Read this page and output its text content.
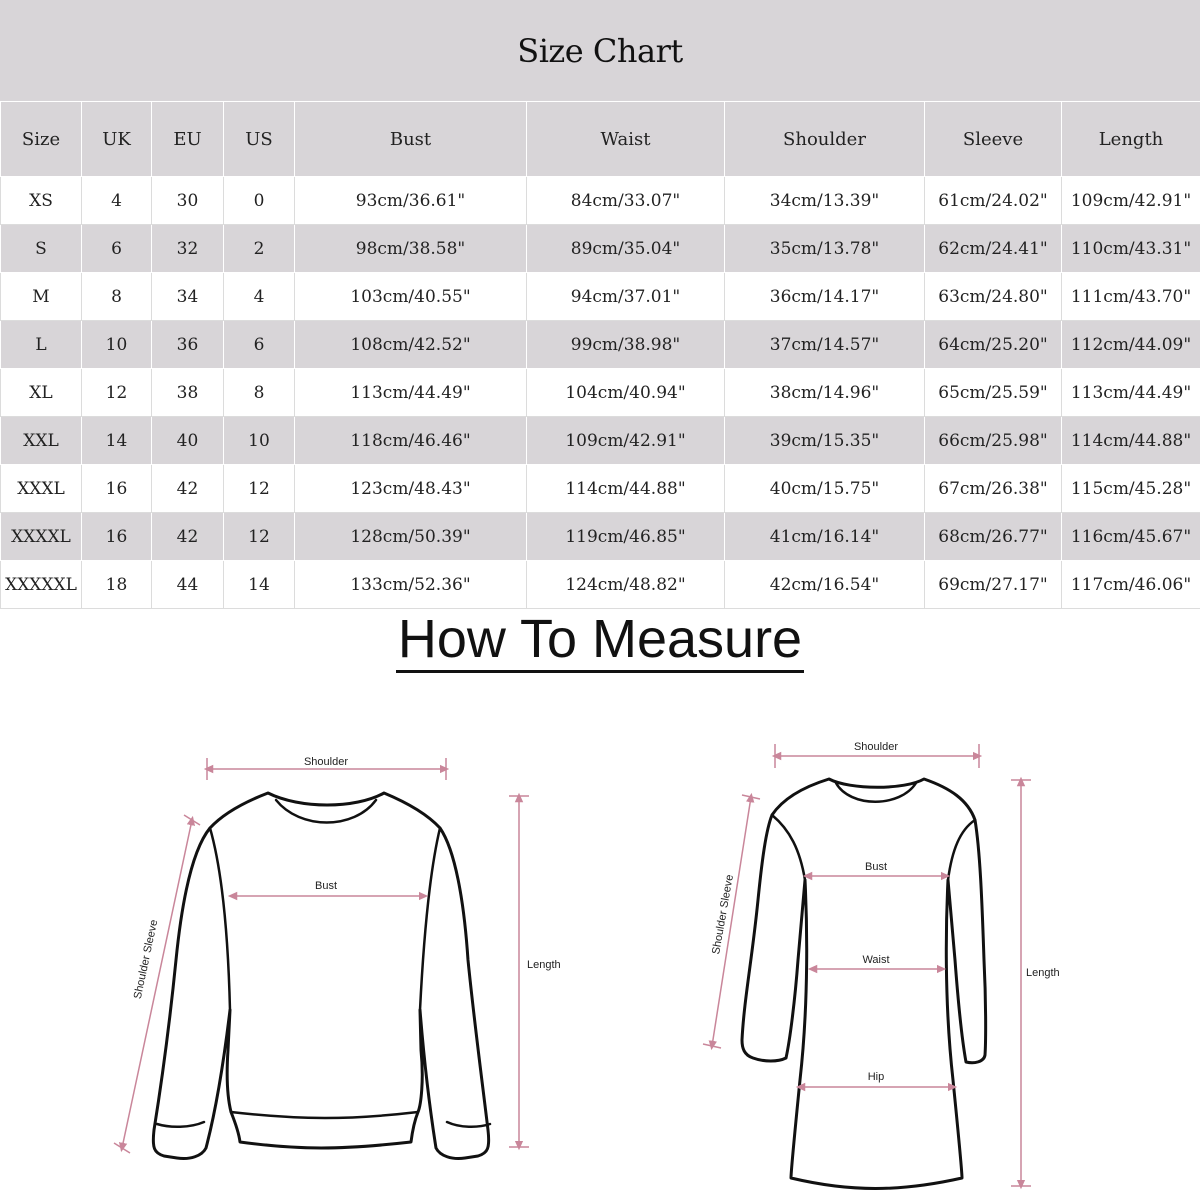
Size Chart
Size	UK	EU	US	Bust	Waist	Shoulder	Sleeve	Length
XS	4	30	0	93cm/36.61"	84cm/33.07"	34cm/13.39"	61cm/24.02"	109cm/42.91"
S	6	32	2	98cm/38.58"	89cm/35.04"	35cm/13.78"	62cm/24.41"	110cm/43.31"
M	8	34	4	103cm/40.55"	94cm/37.01"	36cm/14.17"	63cm/24.80"	111cm/43.70"
L	10	36	6	108cm/42.52"	99cm/38.98"	37cm/14.57"	64cm/25.20"	112cm/44.09"
XL	12	38	8	113cm/44.49"	104cm/40.94"	38cm/14.96"	65cm/25.59"	113cm/44.49"
XXL	14	40	10	118cm/46.46"	109cm/42.91"	39cm/15.35"	66cm/25.98"	114cm/44.88"
XXXL	16	42	12	123cm/48.43"	114cm/44.88"	40cm/15.75"	67cm/26.38"	115cm/45.28"
XXXXL	16	42	12	128cm/50.39"	119cm/46.85"	41cm/16.14"	68cm/26.77"	116cm/45.67"
XXXXXL	18	44	14	133cm/52.36"	124cm/48.82"	42cm/16.54"	69cm/27.17"	117cm/46.06"
How To Measure
Shoulder
Bust
Shoulder Sleeve	Length
Shoulder
Bust
Waist
Hip
Shoulder Sleeve
Length
